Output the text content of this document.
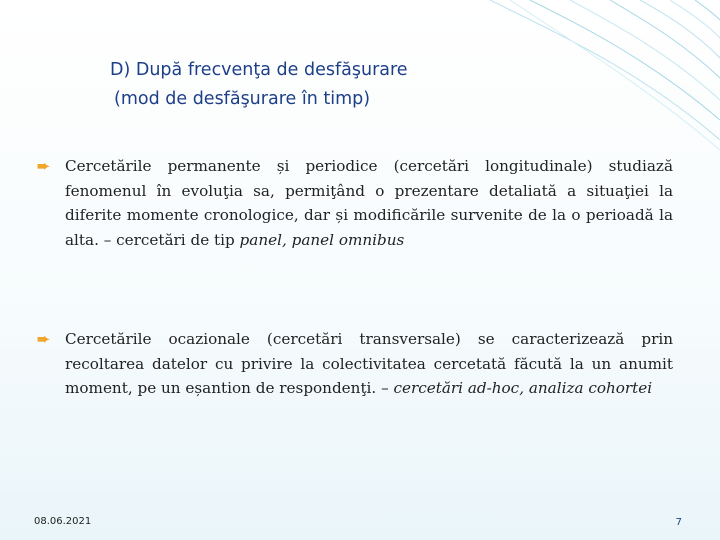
D) După frecvenţa de desfăşurare
(mod de desfăşurare în timp)
➨	Cercetările permanente și periodice (cercetări longitudinale) studiază fenomenul în evoluţia sa, permiţând o prezentare detaliată a situaţiei la diferite momente cronologice, dar și modificările survenite de la o perioadă la alta. – cercetări de tip panel, panel omnibus
➨	Cercetările ocazionale (cercetări transversale) se caracterizează prin recoltarea datelor cu privire la colectivitatea cercetată făcută la un anumit moment, pe un eșantion de respondenţi. – cercetări ad-hoc, analiza cohortei
08.06.2021	7
